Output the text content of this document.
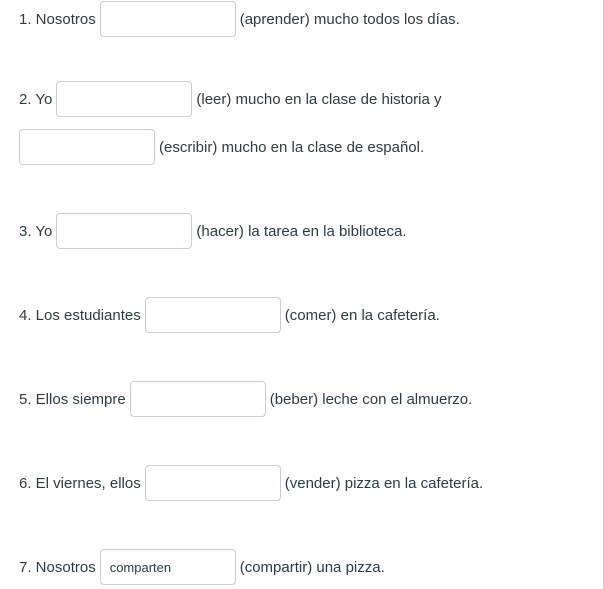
1. Nosotros	(aprender) mucho todos los días.
2. Yo	(leer) mucho en la clase de historia y
(escribir) mucho en la clase de español.
3. Yo	(hacer) la tarea en la biblioteca.
4. Los estudiantes	(comer) en la cafetería.
5. Ellos siempre	(beber) leche con el almuerzo.
6. El viernes, ellos	(vender) pizza en la cafetería.
7. Nosotros	comparten	(compartir) una pizza.
